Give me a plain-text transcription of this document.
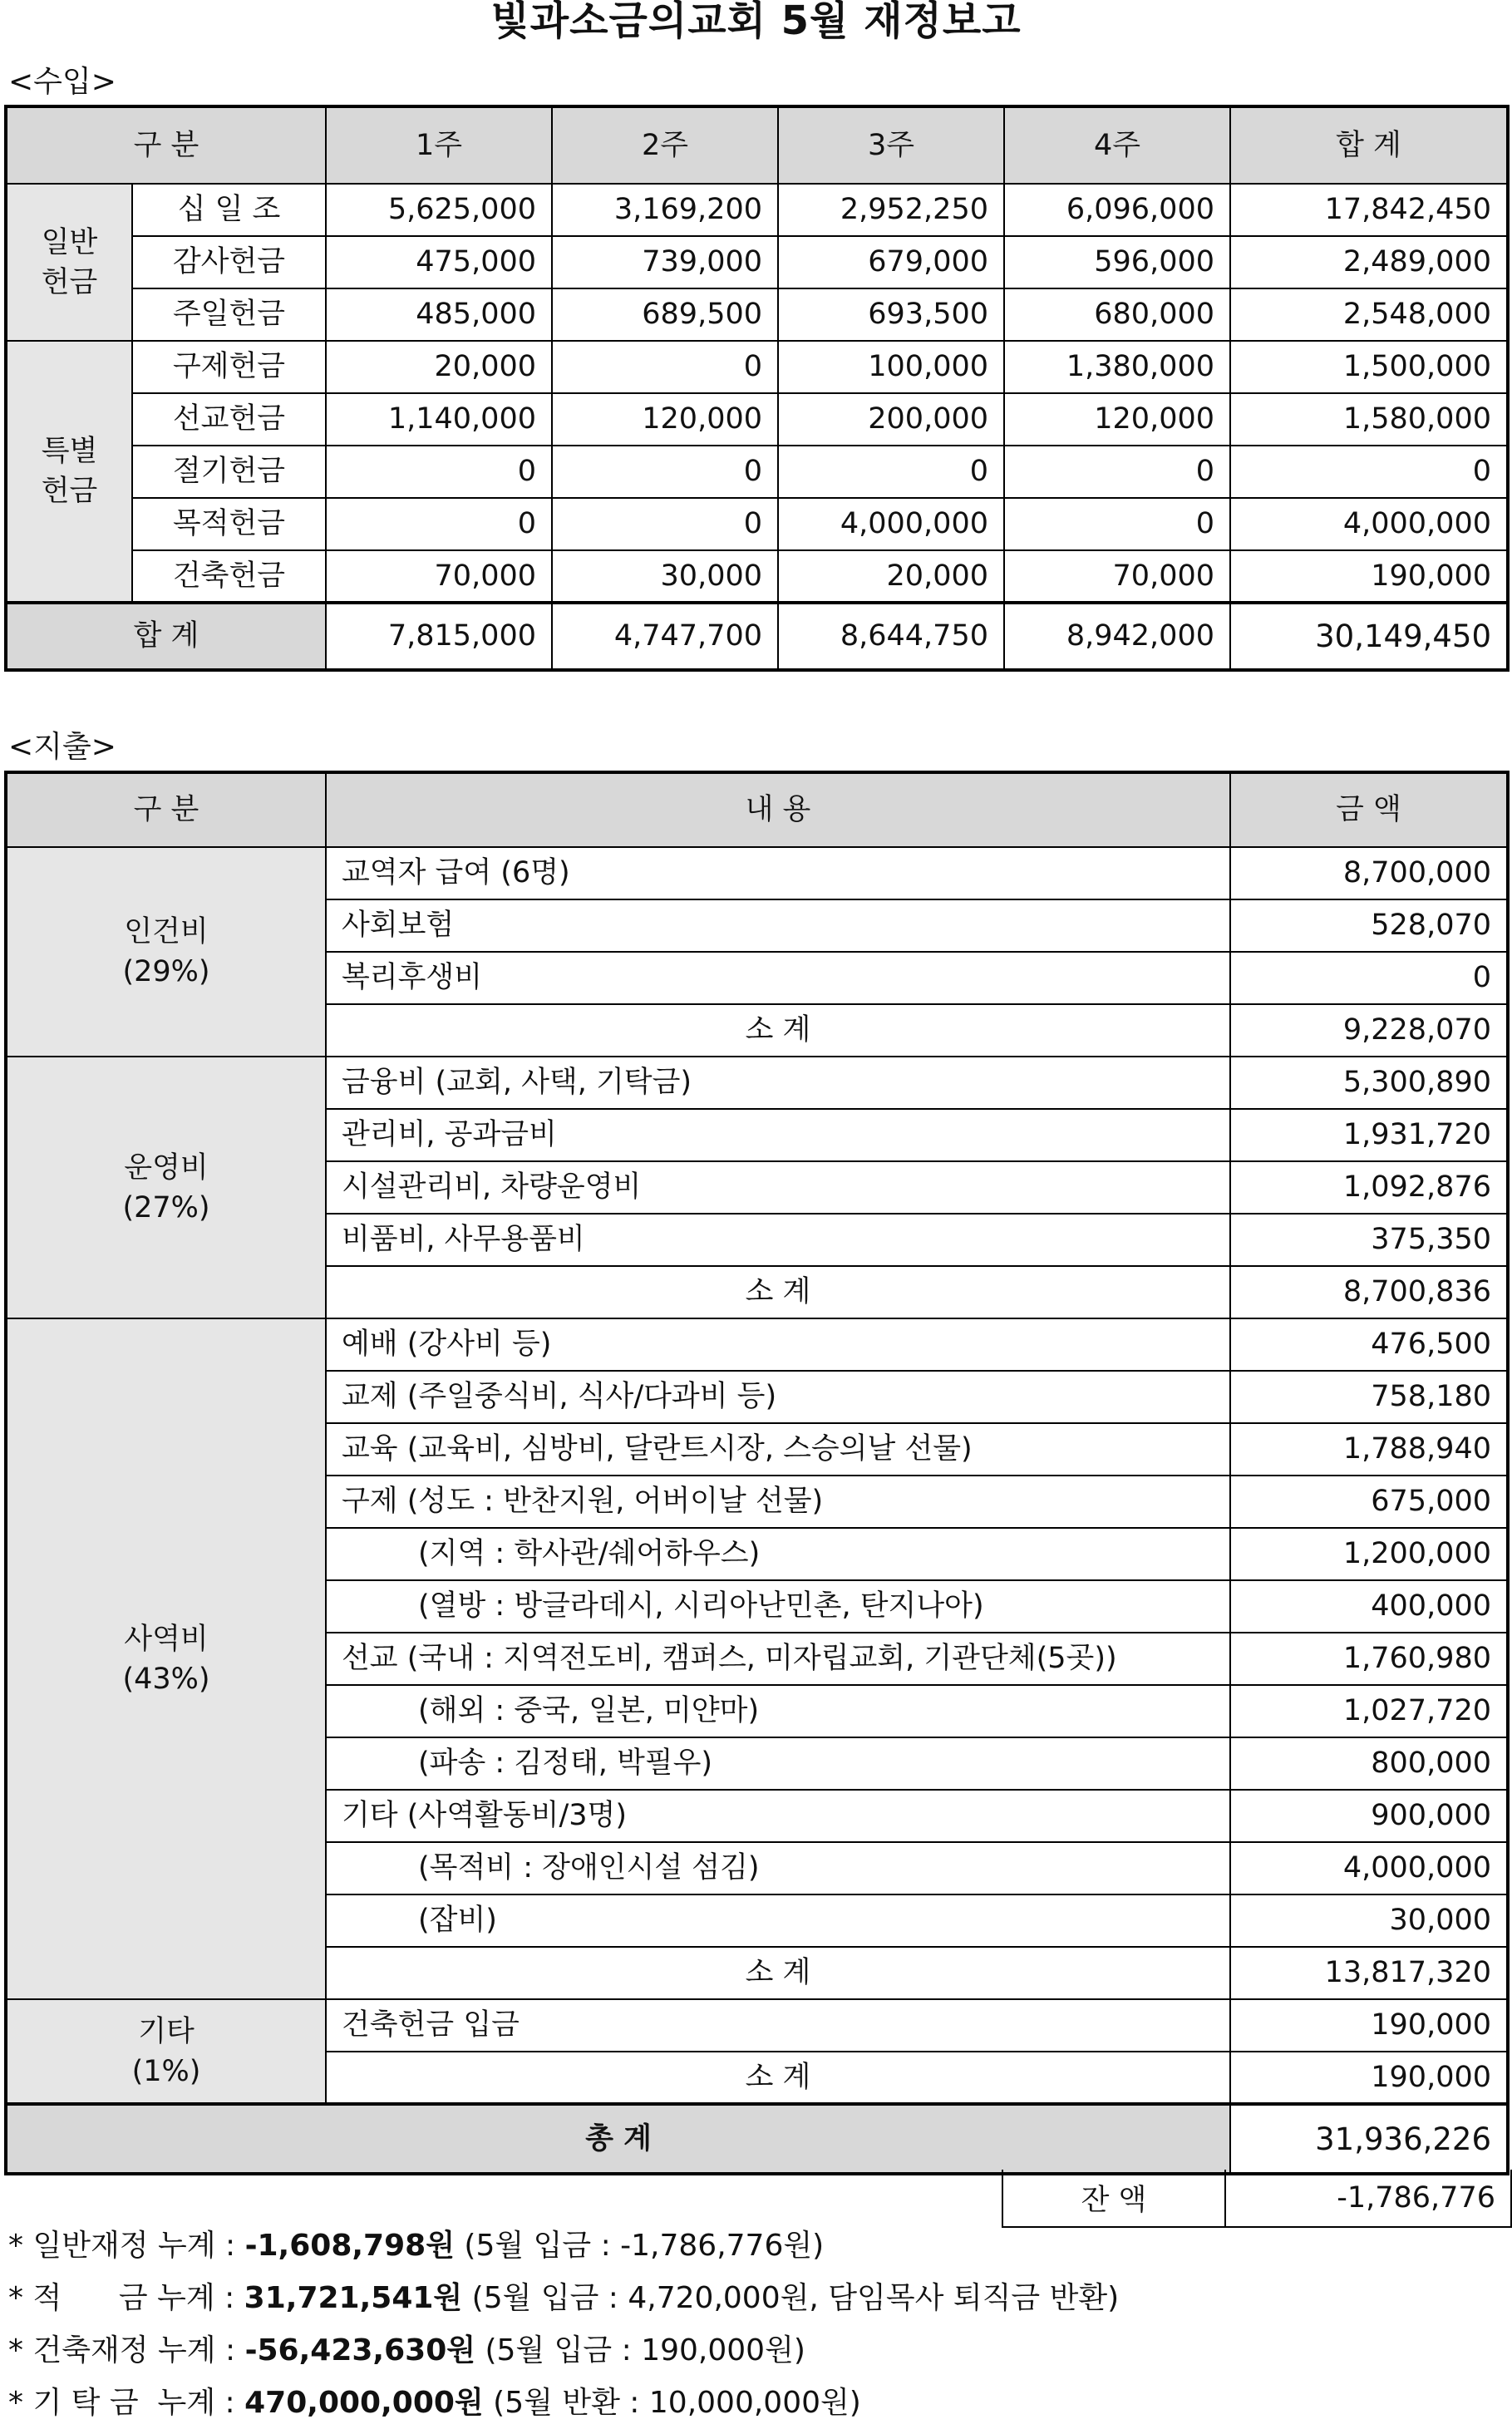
빛과소금의교회 5월 재정보고
<수입>
구 분		1주	2주	3주	4주	합 계
일반
헌금	십 일 조	5,625,000	3,169,200	2,952,250	6,096,000	17,842,450
	감사헌금	475,000	739,000	679,000	596,000	2,489,000
	주일헌금	485,000	689,500	693,500	680,000	2,548,000
특별
헌금	구제헌금	20,000	0	100,000	1,380,000	1,500,000
	선교헌금	1,140,000	120,000	200,000	120,000	1,580,000
	절기헌금	0	0	0	0	0
	목적헌금	0	0	4,000,000	0	4,000,000
	건축헌금	70,000	30,000	20,000	70,000	190,000
합 계		7,815,000	4,747,700	8,644,750	8,942,000	30,149,450
<지출>
구 분	내 용	금 액
인건비
(29%)	교역자 급여 (6명)	8,700,000
	사회보험	528,070
	복리후생비	0
	소 계	9,228,070
운영비
(27%)	금융비 (교회, 사택, 기탁금)	5,300,890
	관리비, 공과금비	1,931,720
	시설관리비, 차량운영비	1,092,876
	비품비, 사무용품비	375,350
	소 계	8,700,836
사역비
(43%)	예배 (강사비 등)	476,500
	교제 (주일중식비, 식사/다과비 등)	758,180
	교육 (교육비, 심방비, 달란트시장, 스승의날 선물)	1,788,940
	구제 (성도 : 반찬지원, 어버이날 선물)	675,000
	(지역 : 학사관/쉐어하우스)	1,200,000
	(열방 : 방글라데시, 시리아난민촌, 탄지나아)	400,000
	선교 (국내 : 지역전도비, 캠퍼스, 미자립교회, 기관단체(5곳))	1,760,980
	(해외 : 중국, 일본, 미얀마)	1,027,720
	(파송 : 김정태, 박필우)	800,000
	기타 (사역활동비/3명)	900,000
	(목적비 : 장애인시설 섬김)	4,000,000
	(잡비)	30,000
	소 계	13,817,320
기타
(1%)	건축헌금 입금	190,000
	소 계	190,000
총 계		31,936,226
잔 액	-1,786,776
* 일반재정 누계 : -1,608,798원 (5월 입금 : -1,786,776원)
* 적      금 누계 : 31,721,541원 (5월 입금 : 4,720,000원, 담임목사 퇴직금 반환)
* 건축재정 누계 : -56,423,630원 (5월 입금 : 190,000원)
* 기 탁 금  누계 : 470,000,000원 (5월 반환 : 10,000,000원)
